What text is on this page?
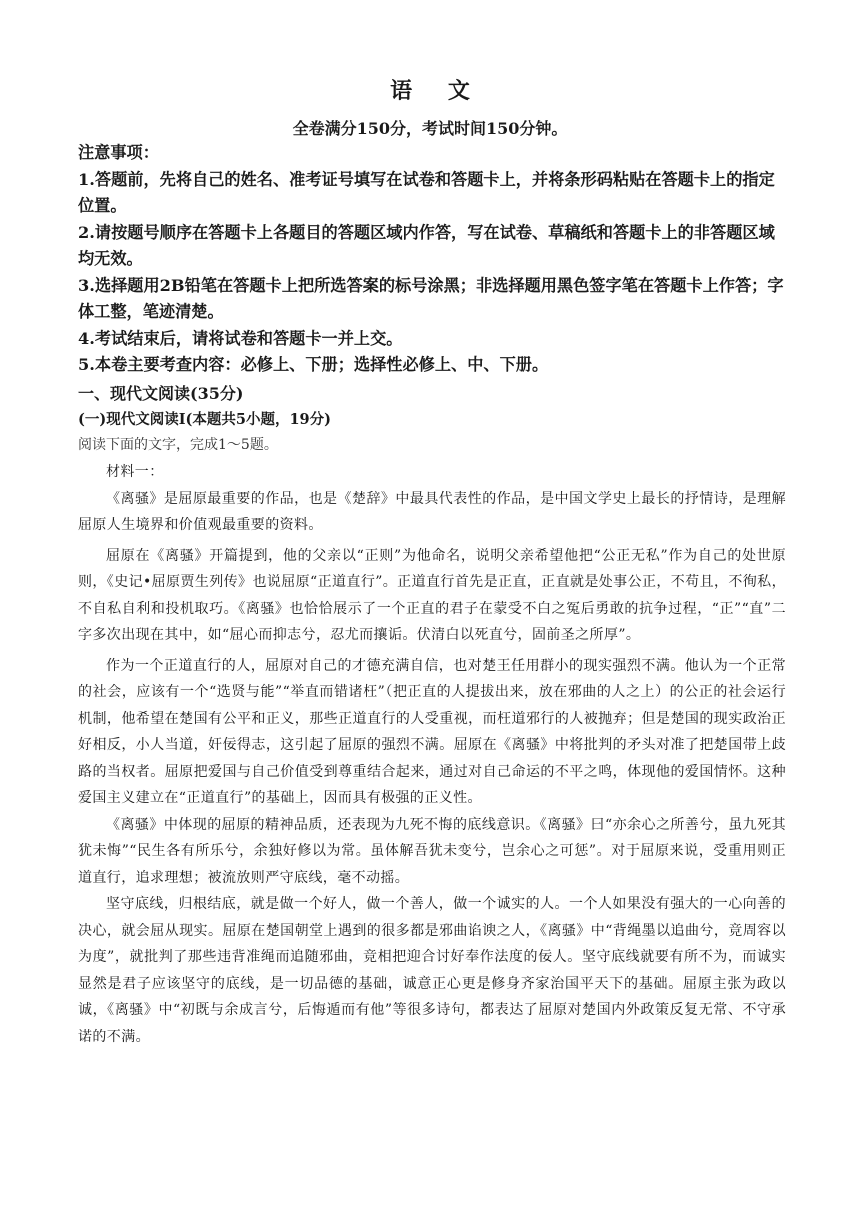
语 文
全卷满分150分，考试时间150分钟。

注意事项：

1.答题前，先将自己的姓名、准考证号填写在试卷和答题卡上，并将条形码粘贴在答题卡上的指定位置。

2.请按题号顺序在答题卡上各题目的答题区域内作答，写在试卷、草稿纸和答题卡上的非答题区域均无效。

3.选择题用2B铅笔在答题卡上把所选答案的标号涂黑；非选择题用黑色签字笔在答题卡上作答；字体工整，笔迹清楚。

4.考试结束后，请将试卷和答题卡一并上交。

5.本卷主要考查内容：必修上、下册；选择性必修上、中、下册。

一、现代文阅读(35分)

(一)现代文阅读Ⅰ(本题共5小题，19分)

阅读下面的文字，完成1～5题。

材料一：

《离骚》是屈原最重要的作品，也是《楚辞》中最具代表性的作品，是中国文学史上最长的抒情诗，是理解屈原人生境界和价值观最重要的资料。

屈原在《离骚》开篇提到，他的父亲以“正则”为他命名，说明父亲希望他把“公正无私”作为自己的处世原则，《史记•屈原贾生列传》也说屈原“正道直行”。正道直行首先是正直，正直就是处事公正，不苟且，不徇私，不自私自利和投机取巧。《离骚》也恰恰展示了一个正直的君子在蒙受不白之冤后勇敢的抗争过程，“正”“直”二字多次出现在其中，如“屈心而抑志兮，忍尤而攘诟。伏清白以死直兮，固前圣之所厚”。

作为一个正道直行的人，屈原对自己的才德充满自信，也对楚王任用群小的现实强烈不满。他认为一个正常的社会，应该有一个“选贤与能”“举直而错诸枉”（把正直的人提拔出来，放在邪曲的人之上）的公正的社会运行机制，他希望在楚国有公平和正义，那些正道直行的人受重视，而枉道邪行的人被抛弃；但是楚国的现实政治正好相反，小人当道，奸佞得志，这引起了屈原的强烈不满。屈原在《离骚》中将批判的矛头对准了把楚国带上歧路的当权者。屈原把爱国与自己价值受到尊重结合起来，通过对自己命运的不平之鸣，体现他的爱国情怀。这种爱国主义建立在“正道直行”的基础上，因而具有极强的正义性。

《离骚》中体现的屈原的精神品质，还表现为九死不悔的底线意识。《离骚》曰“亦余心之所善兮，虽九死其犹未悔”“民生各有所乐兮，余独好修以为常。虽体解吾犹未变兮，岂余心之可惩”。对于屈原来说，受重用则正道直行，追求理想；被流放则严守底线，毫不动摇。

坚守底线，归根结底，就是做一个好人，做一个善人，做一个诚实的人。一个人如果没有强大的一心向善的决心，就会屈从现实。屈原在楚国朝堂上遇到的很多都是邪曲谄谀之人，《离骚》中“背绳墨以追曲兮，竞周容以为度”，就批判了那些违背准绳而追随邪曲，竞相把迎合讨好奉作法度的佞人。坚守底线就要有所不为，而诚实显然是君子应该坚守的底线，是一切品德的基础，诚意正心更是修身齐家治国平天下的基础。屈原主张为政以诚，《离骚》中“初既与余成言兮，后悔遁而有他”等很多诗句，都表达了屈原对楚国内外政策反复无常、不守承诺的不满。
